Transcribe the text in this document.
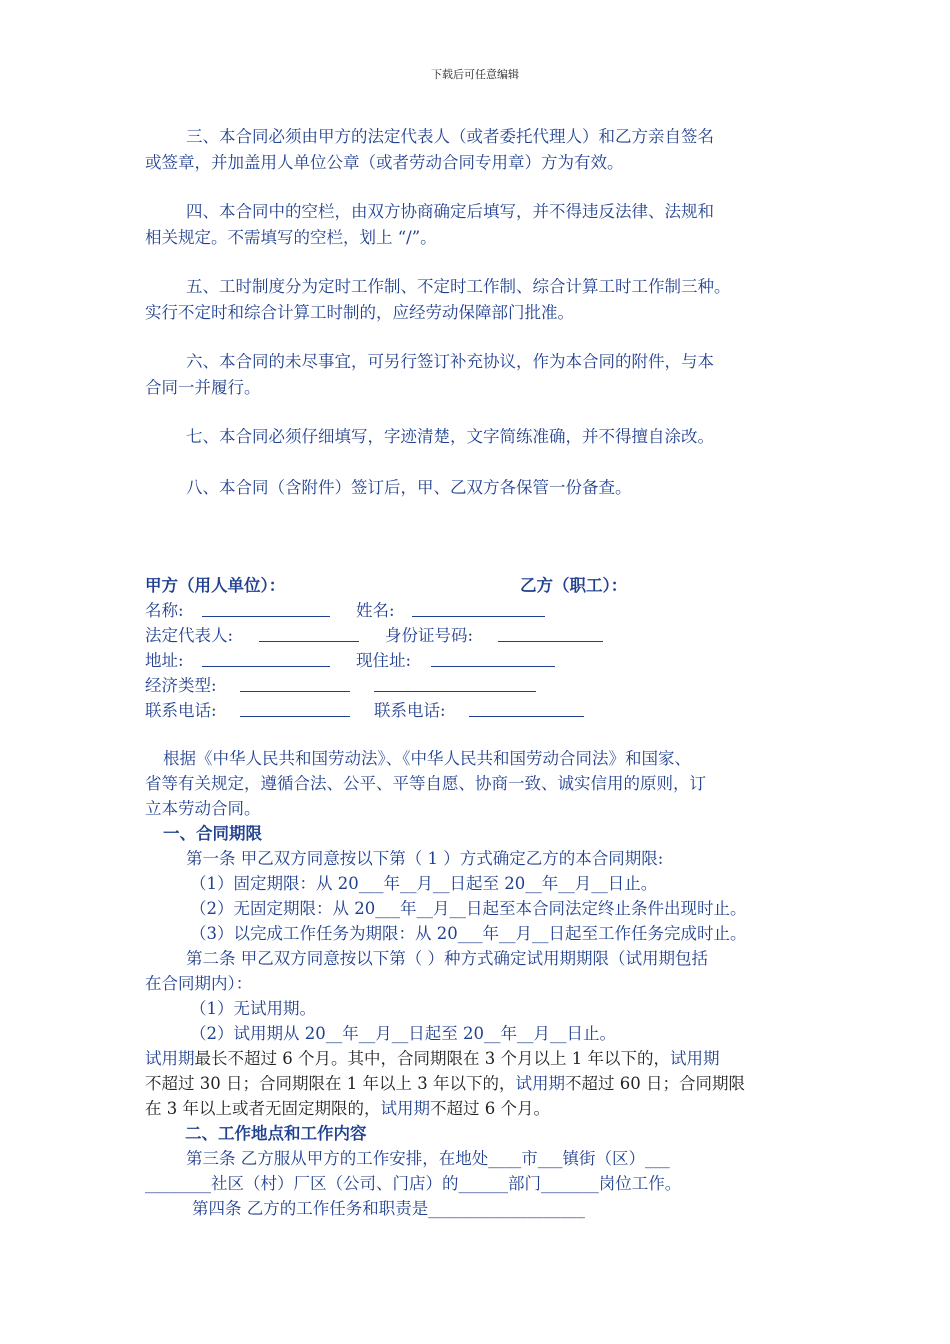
下载后可任意编辑
三、本合同必须由甲方的法定代表人（或者委托代理人）和乙方亲自签名
或签章，并加盖用人单位公章（或者劳动合同专用章）方为有效。
四、本合同中的空栏，由双方协商确定后填写，并不得违反法律、法规和
相关规定。不需填写的空栏，划上 “/”。
五、工时制度分为定时工作制、不定时工作制、综合计算工时工作制三种。
实行不定时和综合计算工时制的，应经劳动保障部门批准。
六、本合同的未尽事宜，可另行签订补充协议，作为本合同的附件，与本
合同一并履行。
七、本合同必须仔细填写，字迹清楚，文字简练准确，并不得擅自涂改。
八、本合同（含附件）签订后，甲、乙双方各保管一份备查。
甲方（用人单位）：	乙方（职工）：
名称:	姓名:
法定代表人:	身份证号码:
地址:	现住址:
经济类型:
联系电话:	联系电话:
根据《中华人民共和国劳动法》、《中华人民共和国劳动合同法》和国家、
省等有关规定，遵循合法、公平、平等自愿、协商一致、诚实信用的原则，订
立本劳动合同。
一、合同期限
第一条 甲乙双方同意按以下第（ 1 ）方式确定乙方的本合同期限:
（1）固定期限：从 20___年__月__日起至 20__年__月__日止。
（2）无固定期限：从 20___年__月__日起至本合同法定终止条件出现时止。
（3）以完成工作任务为期限：从 20___年__月__日起至工作任务完成时止。
第二条 甲乙双方同意按以下第（ ）种方式确定试用期期限（试用期包括
在合同期内）：
（1）无试用期。
（2）试用期从 20__年__月__日起至 20__年__月__日止。
试用期最长不超过 6 个月。其中，合同期限在 3 个月以上 1 年以下的，试用期
不超过 30 日；合同期限在 1 年以上 3 年以下的，试用期不超过 60 日；合同期限
在 3 年以上或者无固定期限的，试用期不超过 6 个月。
二、工作地点和工作内容
第三条 乙方服从甲方的工作安排，在地处____市___镇街（区）___
________社区（村）厂区（公司、门店）的______部门_______岗位工作。
第四条 乙方的工作任务和职责是___________________
